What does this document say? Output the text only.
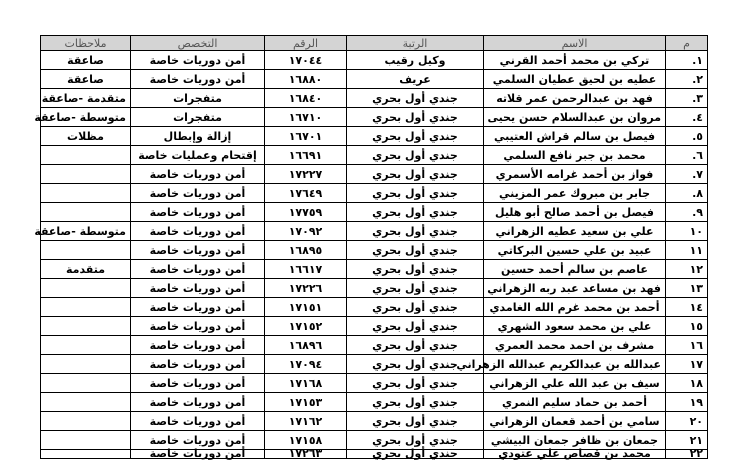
م	الاسم	الرتبة	الرقم	التخصص	ملاحظات
١.	تركي بن محمد أحمد القرني	وكيل رقيب	١٧٠٤٤	أمن دوريات خاصة	صاعقة
٢.	عطيه بن لحيق عطيان السلمي	عريف	١٦٨٨٠	أمن دوريات خاصة	صاعقة
٣.	فهد بن عبدالرحمن عمر قلاته	جندي أول بحري	١٦٨٤٠	متفجرات	متقدمة -صاعقة
٤.	مروان بن عبدالسلام حسن يحيى	جندي أول بحري	١٦٧١٠	متفجرات	متوسطة -صاعقة
٥.	فيصل بن سالم قراش العتيبي	جندي أول بحري	١٦٧٠١	إزالة وإبطال	مظلات
٦.	محمد بن جبر نافع السلمي	جندي أول بحري	١٦٦٩١	إقتحام وعمليات خاصة	
٧.	فواز بن أحمد غرامه الأسمري	جندي أول بحري	١٧٢٢٧	أمن دوريات خاصة	
٨.	جابر بن مبروك عمر المزيني	جندي أول بحري	١٧٦٤٩	أمن دوريات خاصة	
٩.	فيصل بن أحمد صالح أبو هليل	جندي أول بحري	١٧٧٥٩	أمن دوريات خاصة	
١٠	علي بن سعيد عطيه الزهراني	جندي أول بحري	١٧٠٩٢	أمن دوريات خاصة	متوسطة -صاعقة
١١	عبيد بن علي حسين البركاتي	جندي أول بحري	١٦٨٩٥	أمن دوريات خاصة	
١٢	عاصم بن سالم أحمد حسين	جندي أول بحري	١٦٦١٧	أمن دوريات خاصة	متقدمة
١٣	فهد بن مساعد عبد ربه الزهراني	جندي أول بحري	١٧٢٢٦	أمن دوريات خاصة	
١٤	أحمد بن محمد غرم الله الغامدي	جندي أول بحري	١٧١٥١	أمن دوريات خاصة	
١٥	علي بن محمد سعود الشهري	جندي أول بحري	١٧١٥٢	أمن دوريات خاصة	
١٦	مشرف بن احمد محمد العمري	جندي أول بحري	١٦٨٩٦	أمن دوريات خاصة	
١٧	عبدالله بن عبدالكريم عبدالله الزهراني	جندي أول بحري	١٧٠٩٤	أمن دوريات خاصة	
١٨	سيف بن عبد الله علي الزهراني	جندي أول بحري	١٧١٦٨	أمن دوريات خاصة	
١٩	أحمد بن حماد سليم النمري	جندي أول بحري	١٧١٥٣	أمن دوريات خاصة	
٢٠	سامي بن أحمد قعمان الزهراني	جندي أول بحري	١٧١٦٢	أمن دوريات خاصة	
٢١	جمعان بن ظافر جمعان البيشي	جندي أول بحري	١٧١٥٨	أمن دوريات خاصة	
٢٢	محمد بن قصاص علي عتودي	جندي أول بحري	١٧٢٦٣	أمن دوريات خاصة	
